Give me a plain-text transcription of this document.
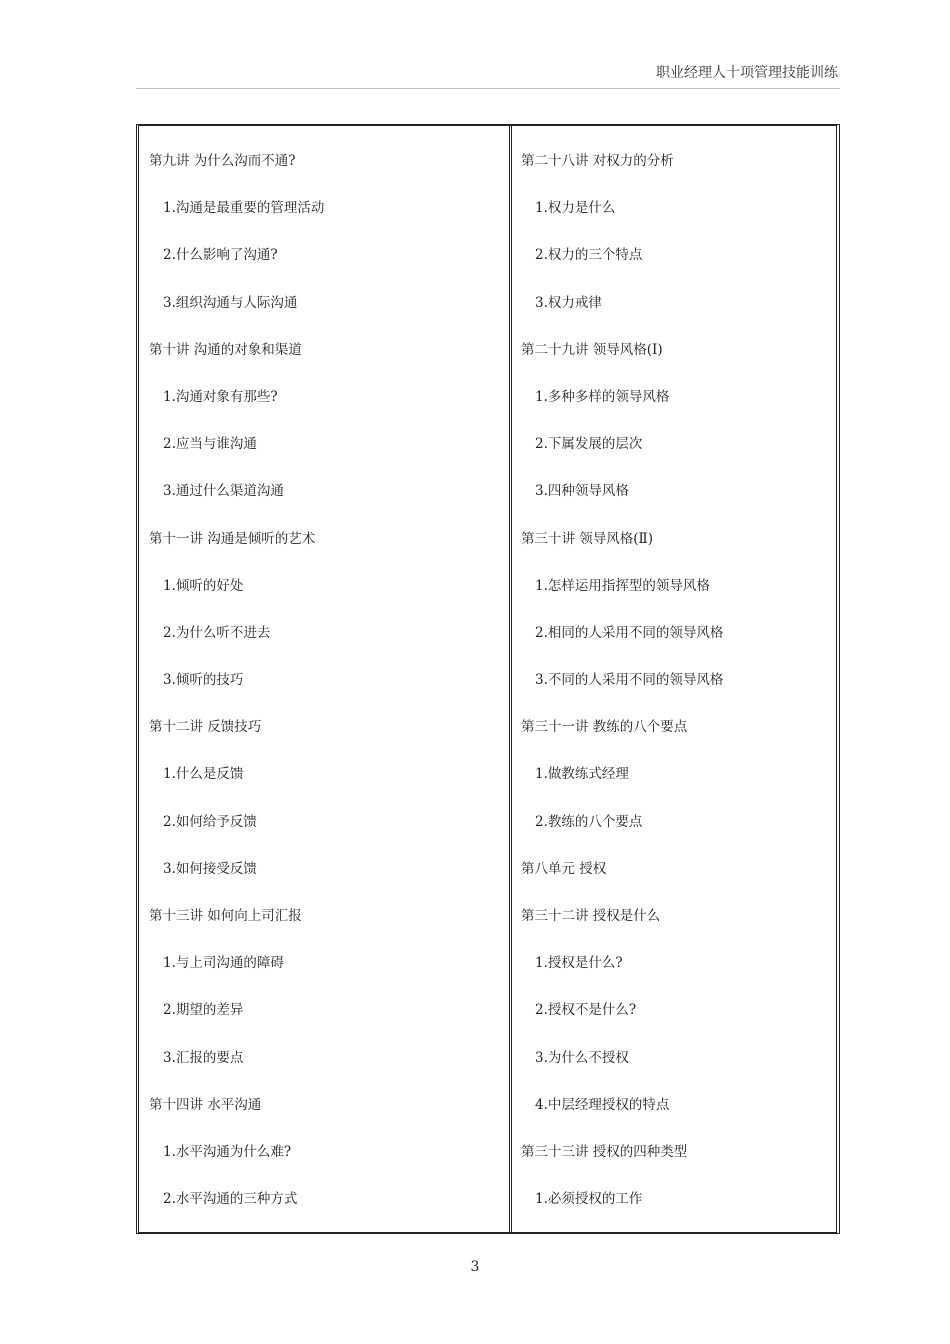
职业经理人十项管理技能训练
第九讲 为什么沟而不通?
1.沟通是最重要的管理活动
2.什么影响了沟通?
3.组织沟通与人际沟通
第十讲 沟通的对象和渠道
1.沟通对象有那些?
2.应当与谁沟通
3.通过什么渠道沟通
第十一讲 沟通是倾听的艺术
1.倾听的好处
2.为什么听不进去
3.倾听的技巧
第十二讲 反馈技巧
1.什么是反馈
2.如何给予反馈
3.如何接受反馈
第十三讲 如何向上司汇报
1.与上司沟通的障碍
2.期望的差异
3.汇报的要点
第十四讲 水平沟通
1.水平沟通为什么难?
2.水平沟通的三种方式
第二十八讲 对权力的分析
1.权力是什么
2.权力的三个特点
3.权力戒律
第二十九讲 领导风格(Ⅰ)
1.多种多样的领导风格
2.下属发展的层次
3.四种领导风格
第三十讲 领导风格(Ⅱ)
1.怎样运用指挥型的领导风格
2.相同的人采用不同的领导风格
3.不同的人采用不同的领导风格
第三十一讲 教练的八个要点
1.做教练式经理
2.教练的八个要点
第八单元 授权
第三十二讲 授权是什么
1.授权是什么?
2.授权不是什么?
3.为什么不授权
4.中层经理授权的特点
第三十三讲 授权的四种类型
1.必须授权的工作
3
